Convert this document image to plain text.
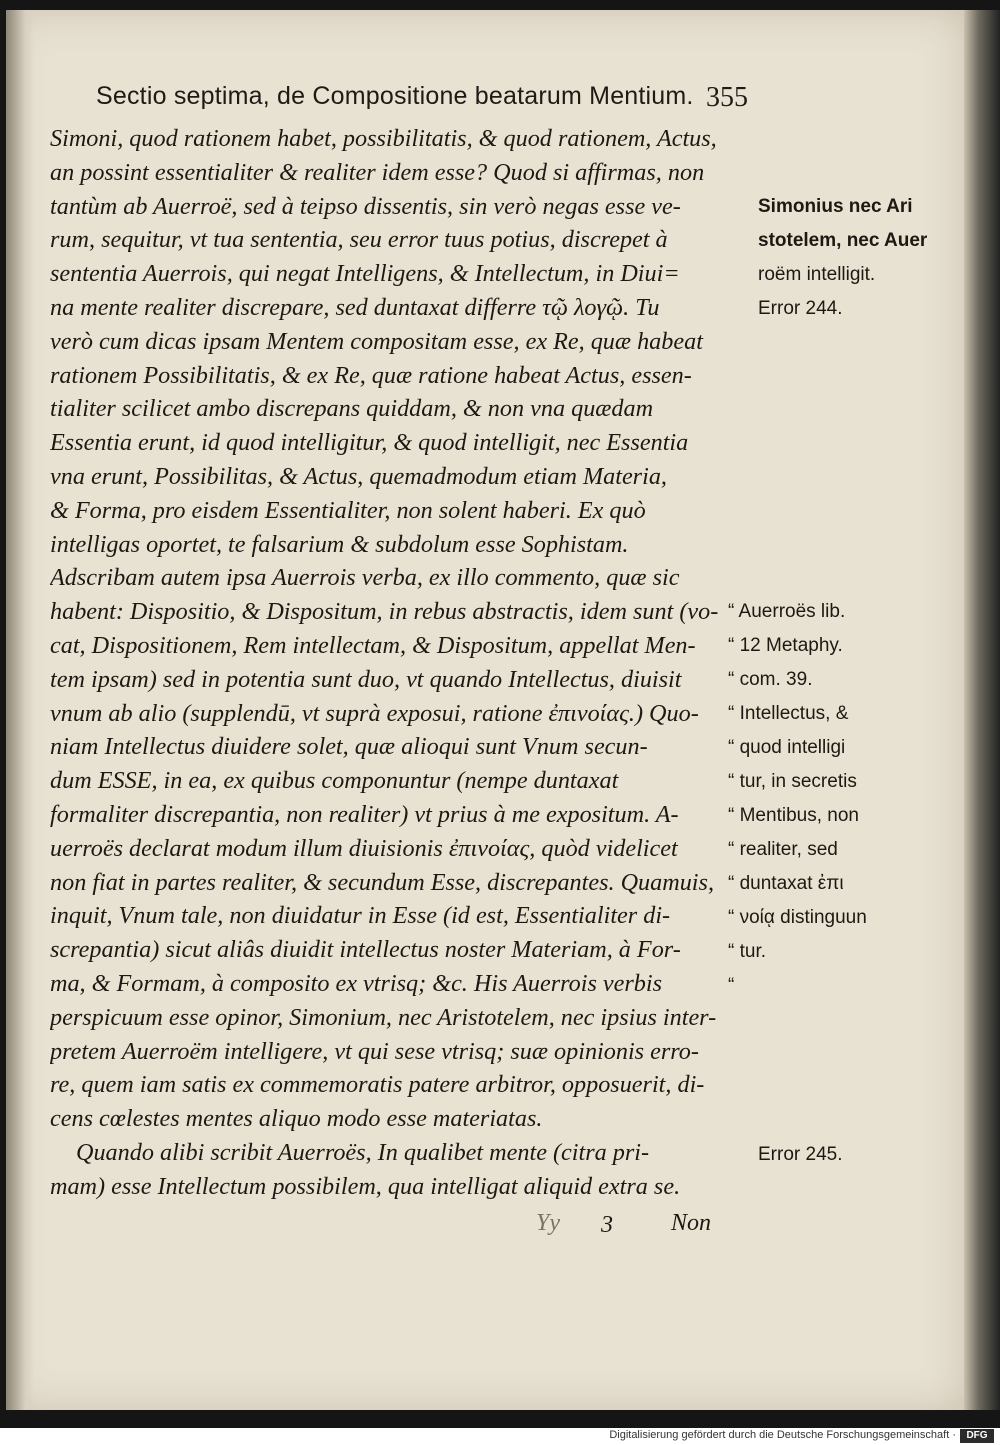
Sectio septima, de Compositione beatarum Mentium. 355
Simoni, quod rationem habet, possibilitatis, & quod rationem, Actus,
an possint essentialiter & realiter idem esse? Quod si affirmas, non
tantùm ab Auerroë, sed à teipso dissentis, sin verò negas esse ve-
rum, sequitur, vt tua sententia, seu error tuus potius, discrepet à
sententia Auerrois, qui negat Intelligens, & Intellectum, in Diui=
na mente realiter discrepare, sed duntaxat differre τῷ λογῷ. Tu
verò cum dicas ipsam Mentem compositam esse, ex Re, quæ habeat
rationem Possibilitatis, & ex Re, quæ ratione habeat Actus, essen-
tialiter scilicet ambo discrepans quiddam, & non vna quædam
Essentia erunt, id quod intelligitur, & quod intelligit, nec Essentia
vna erunt, Possibilitas, & Actus, quemadmodum etiam Materia,
& Forma, pro eisdem Essentialiter, non solent haberi. Ex quò
intelligas oportet, te falsarium & subdolum esse Sophistam.
Adscribam autem ipsa Auerrois verba, ex illo commento, quæ sic
habent: Dispositio, & Dispositum, in rebus abstractis, idem sunt (vo-
cat, Dispositionem, Rem intellectam, & Dispositum, appellat Men-
tem ipsam) sed in potentia sunt duo, vt quando Intellectus, diuisit
vnum ab alio (supplendū, vt suprà exposui, ratione ἐπινοίας.) Quo-
niam Intellectus diuidere solet, quæ alioqui sunt Vnum secun-
dum ESSE, in ea, ex quibus componuntur (nempe duntaxat
formaliter discrepantia, non realiter) vt prius à me expositum. A-
uerroës declarat modum illum diuisionis ἐπινοίας, quòd videlicet
non fiat in partes realiter, & secundum Esse, discrepantes. Quamuis,
inquit, Vnum tale, non diuidatur in Esse (id est, Essentialiter di-
screpantia) sicut aliâs diuidit intellectus noster Materiam, à For-
ma, & Formam, à composito ex vtrisq; &c. His Auerrois verbis
perspicuum esse opinor, Simonium, nec Aristotelem, nec ipsius inter-
pretem Auerroëm intelligere, vt qui sese vtrisq; suæ opinionis erro-
re, quem iam satis ex commemoratis patere arbitror, opposuerit, di-
cens cœlestes mentes aliquo modo esse materiatas.
Quando alibi scribit Auerroës, In qualibet mente (citra pri-
mam) esse Intellectum possibilem, qua intelligat aliquid extra se.
Simonius nec Ari
stotelem, nec Auer
roëm intelligit.
Error 244.
“ Auerroës lib.
“ 12 Metaphy.
“ com. 39.
“ Intellectus, &
“ quod intelligi
“ tur, in secretis
“ Mentibus, non
“ realiter, sed
“ duntaxat ἐπι
“ νοίᾳ distinguun
“ tur.
“
Error 245.
Yy 3 Non
Digitalisierung gefördert durch die Deutsche Forschungsgemeinschaft ·	DFG
